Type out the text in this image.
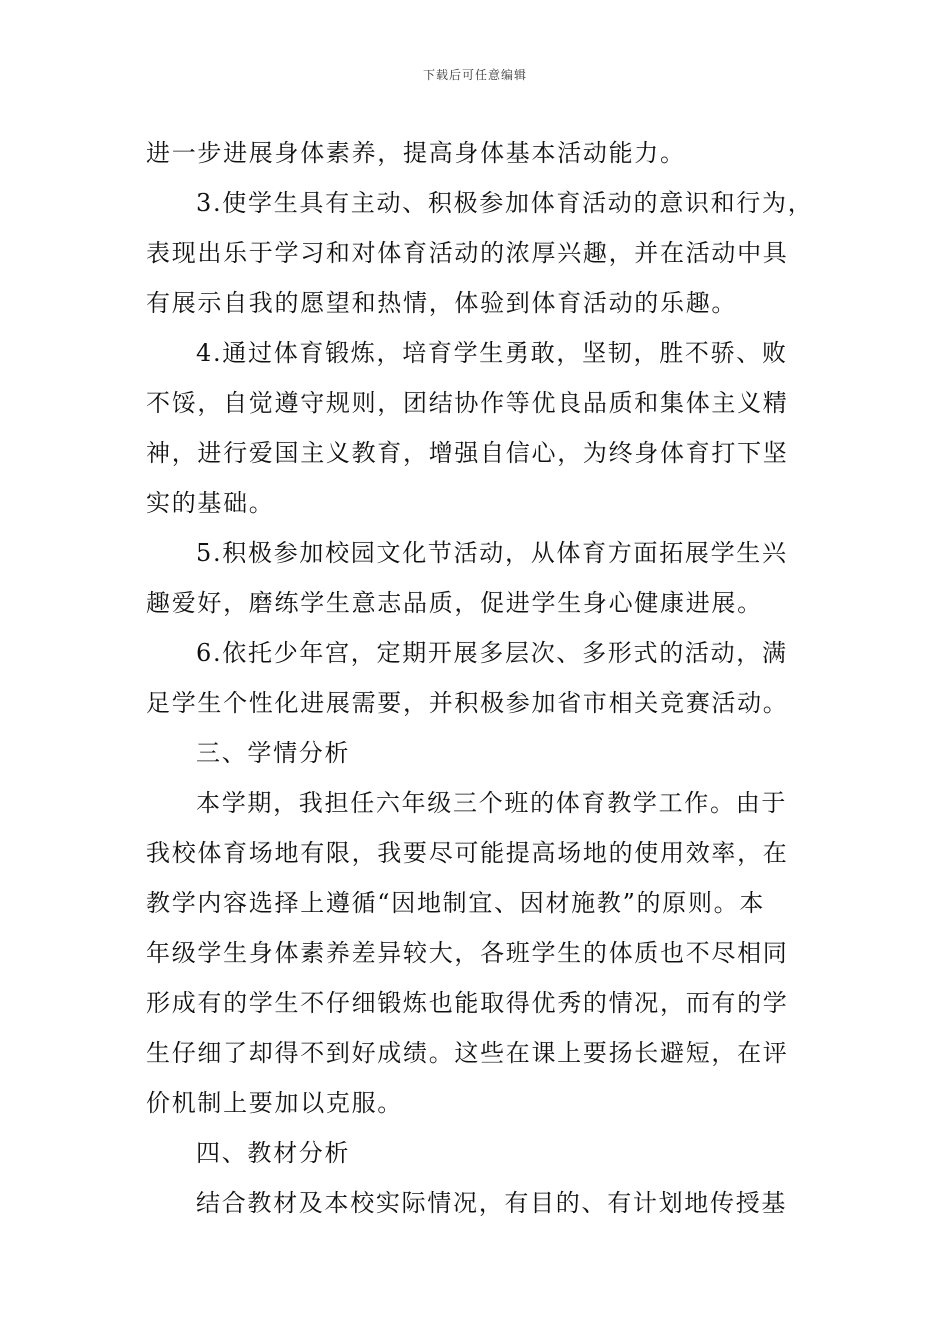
下载后可任意编辑
进一步进展身体素养，提高身体基本活动能力。
3.使学生具有主动、积极参加体育活动的意识和行为，
表现出乐于学习和对体育活动的浓厚兴趣，并在活动中具
有展示自我的愿望和热情，体验到体育活动的乐趣。
4.通过体育锻炼，培育学生勇敢，坚韧，胜不骄、败
不馁，自觉遵守规则，团结协作等优良品质和集体主义精
神，进行爱国主义教育，增强自信心，为终身体育打下坚
实的基础。
5.积极参加校园文化节活动，从体育方面拓展学生兴
趣爱好，磨练学生意志品质，促进学生身心健康进展。
6.依托少年宫，定期开展多层次、多形式的活动，满
足学生个性化进展需要，并积极参加省市相关竞赛活动。
三、学情分析
本学期，我担任六年级三个班的体育教学工作。由于
我校体育场地有限，我要尽可能提高场地的使用效率，在
教学内容选择上遵循“因地制宜、因材施教”的原则。本
年级学生身体素养差异较大，各班学生的体质也不尽相同
形成有的学生不仔细锻炼也能取得优秀的情况，而有的学
生仔细了却得不到好成绩。这些在课上要扬长避短，在评
价机制上要加以克服。
四、教材分析
结合教材及本校实际情况，有目的、有计划地传授基
